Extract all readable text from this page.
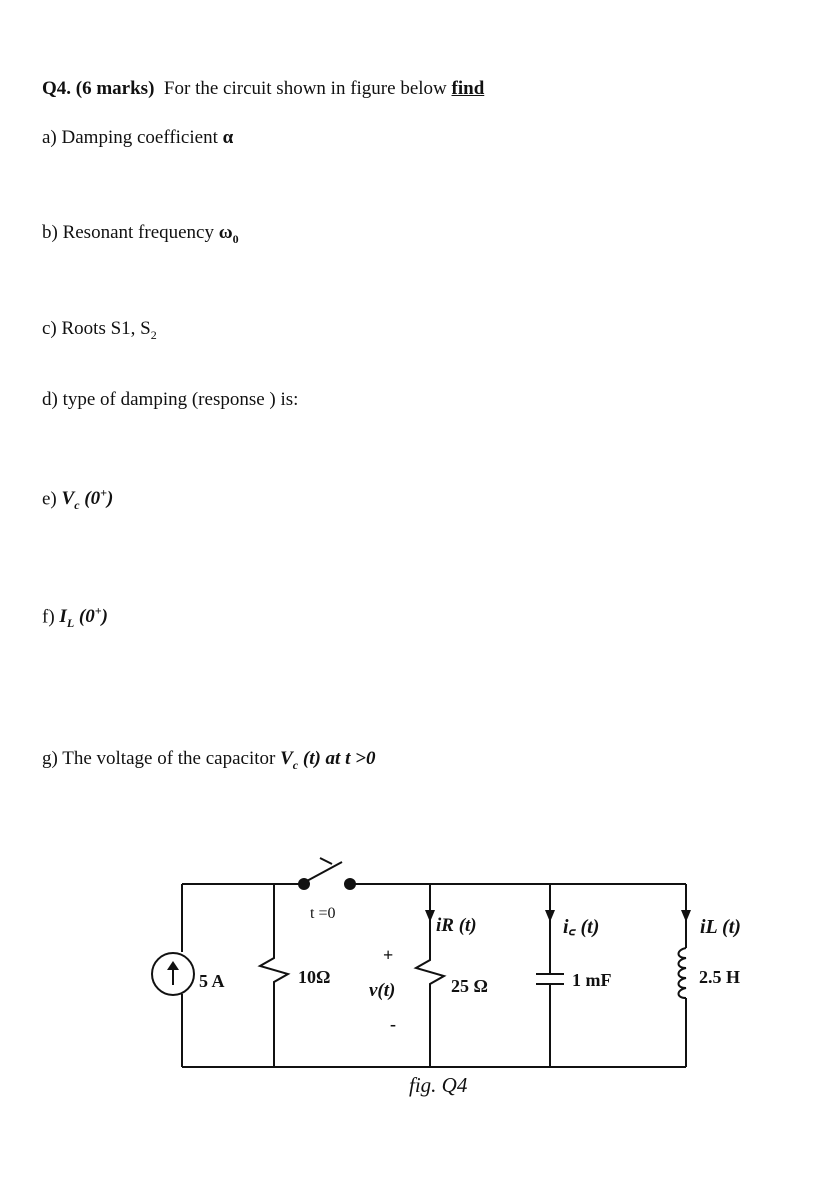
Q4. (6 marks) For the circuit shown in figure below find
a) Damping coefficient α
b) Resonant frequency $\omega_0$
c) Roots S1, $S_2$
d) type of damping (response ) is:
e) $V_c$ (0+)
f) $I_L$ (0+)
g) The voltage of the capacitor $V_c$ (t) at t >0
t =0
5 A	10Ω
+
v(t)
-
25 Ω
iR (t)	i꜀ (t)
1 mF
iL (t)
2.5 H
fig. Q4
